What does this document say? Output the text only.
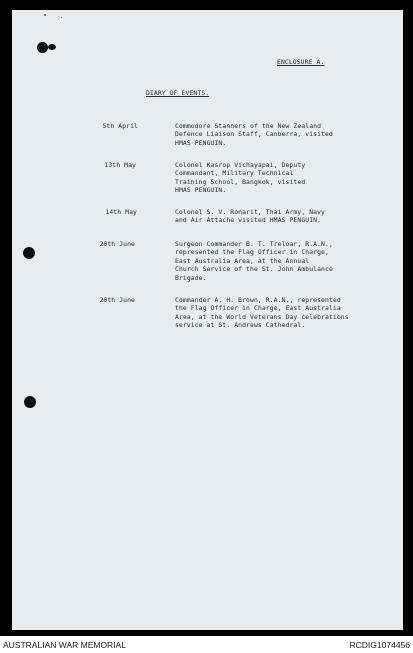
ENCLOSURE A.
DIARY OF EVENTS.
5th April	Commodore Stanners of the New Zealand
Defence Liaison Staff, Canberra, visited
HMAS PENGUIN.
13th May	Colonel Kasrop Vichayapai, Deputy
Commandant, Military Technical
Training School, Bangkok, visited
HMAS PENGUIN.
14th May	Colonel S. V. Ronarit, Thai Army, Navy
and Air Attache visited HMAS PENGUIN.
20th June	Surgeon Commander B. T. Treloar, R.A.N.,
represented the Flag Officer in Charge,
East Australia Area, at the Annual
Church Service of the St. John Ambulance
Brigade.
20th June	Commander A. H. Brown, R.A.N., represented
the Flag Officer in Charge, East Australia
Area, at the World Veterans Day celebrations
service at St. Andrews Cathedral.
AUSTRALIAN WAR MEMORIAL	RCDIG1074456
